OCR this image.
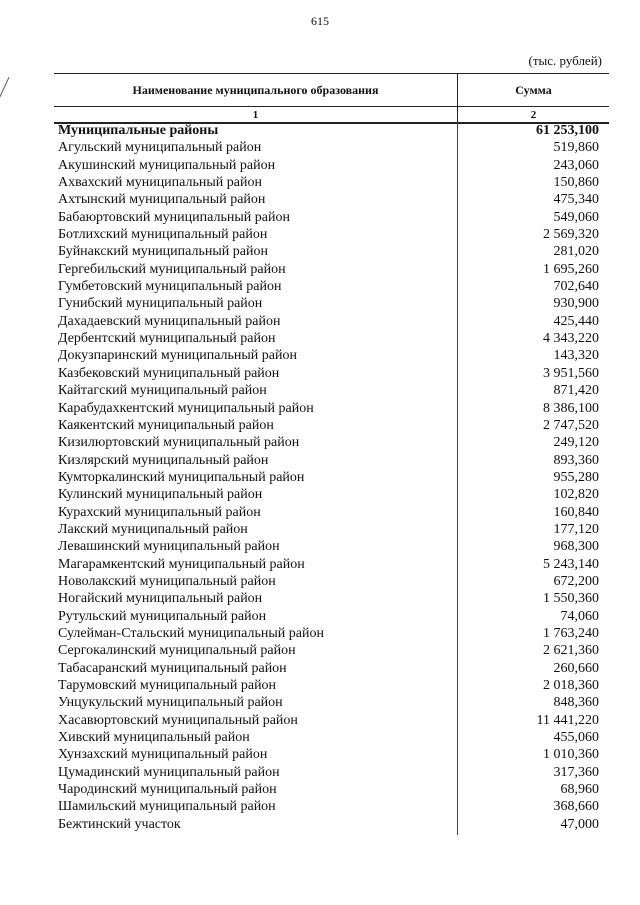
615
(тыс. рублей)
Наименование муниципального образования	Сумма
1	2
Муниципальные районы	61 253,100
Агульский муниципальный район	519,860
Акушинский муниципальный район	243,060
Ахвахский муниципальный район	150,860
Ахтынский муниципальный район	475,340
Бабаюртовский муниципальный район	549,060
Ботлихский муниципальный район	2 569,320
Буйнакский муниципальный район	281,020
Гергебильский муниципальный район	1 695,260
Гумбетовский муниципальный район	702,640
Гунибский муниципальный район	930,900
Дахадаевский муниципальный район	425,440
Дербентский муниципальный район	4 343,220
Докузпаринский муниципальный район	143,320
Казбековский муниципальный район	3 951,560
Кайтагский муниципальный район	871,420
Карабудахкентский муниципальный район	8 386,100
Каякентский муниципальный район	2 747,520
Кизилюртовский муниципальный район	249,120
Кизлярский муниципальный район	893,360
Кумторкалинский муниципальный район	955,280
Кулинский муниципальный район	102,820
Курахский муниципальный район	160,840
Лакский муниципальный район	177,120
Левашинский муниципальный район	968,300
Магарамкентский муниципальный район	5 243,140
Новолакский муниципальный район	672,200
Ногайский муниципальный район	1 550,360
Рутульский муниципальный район	74,060
Сулейман-Стальский муниципальный район	1 763,240
Сергокалинский муниципальный район	2 621,360
Табасаранский муниципальный район	260,660
Тарумовский муниципальный район	2 018,360
Унцукульский муниципальный район	848,360
Хасавюртовский муниципальный район	11 441,220
Хивский муниципальный район	455,060
Хунзахский муниципальный район	1 010,360
Цумадинский муниципальный район	317,360
Чародинский муниципальный район	68,960
Шамильский муниципальный район	368,660
Бежтинский участок	47,000
